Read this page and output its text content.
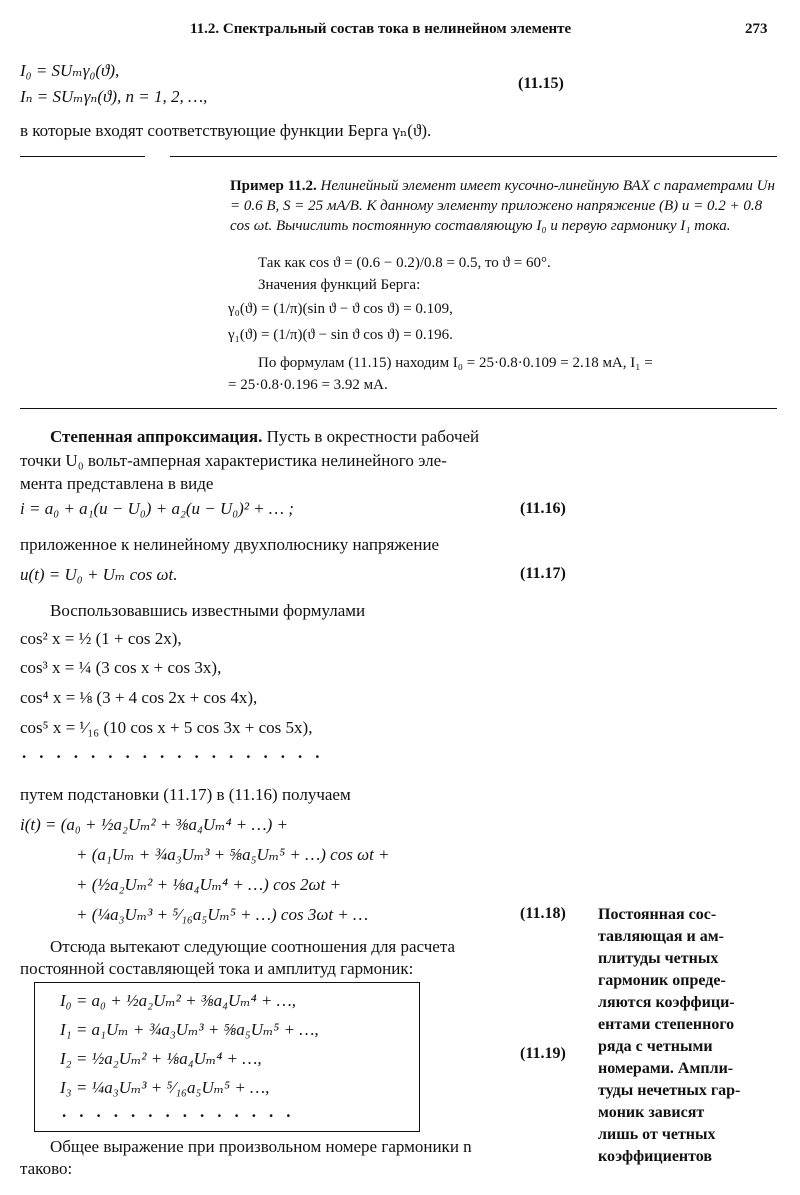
11.2. Спектральный состав тока в нелинейном элементе	273
I₀ = SUₘγ₀(ϑ),
Iₙ = SUₘγₙ(ϑ), n = 1, 2, …,
(11.15)
в которые входят соответствующие функции Берга γₙ(ϑ).
Пример 11.2. Нелинейный элемент имеет кусочно-линейную ВАХ с параметрами Uн = 0.6 В, S = 25 мА/В. К данному элементу приложено напряжение (В) u = 0.2 + 0.8 cos ωt. Вычислить постоянную составляющую I₀ и первую гармонику I₁ тока.
Так как cos ϑ = (0.6 − 0.2)/0.8 = 0.5, то ϑ = 60°.
Значения функций Берга:
γ₀(ϑ) = (1/π)(sin ϑ − ϑ cos ϑ) = 0.109,
γ₁(ϑ) = (1/π)(ϑ − sin ϑ cos ϑ) = 0.196.
По формулам (11.15) находим I₀ = 25·0.8·0.109 = 2.18 мА, I₁ =
= 25·0.8·0.196 = 3.92 мА.
Степенная аппроксимация. Пусть в окрестности рабочей
точки U₀ вольт-амперная характеристика нелинейного эле-
мента представлена в виде
i = a₀ + a₁(u − U₀) + a₂(u − U₀)² + … ;	(11.16)
приложенное к нелинейному двухполюснику напряжение
u(t) = U₀ + Uₘ cos ωt.	(11.17)
Воспользовавшись известными формулами
cos² x = ½ (1 + cos 2x),
cos³ x = ¼ (3 cos x + cos 3x),
cos⁴ x = ⅛ (3 + 4 cos 2x + cos 4x),
cos⁵ x = ¹⁄₁₆ (10 cos x + 5 cos 3x + cos 5x),
..................
путем подстановки (11.17) в (11.16) получаем
i(t) = (a₀ + ½a₂Uₘ² + ⅜a₄Uₘ⁴ + …) +
+ (a₁Uₘ + ¾a₃Uₘ³ + ⅝a₅Uₘ⁵ + …) cos ωt +
+ (½a₂Uₘ² + ⅛a₄Uₘ⁴ + …) cos 2ωt +
+ (¼a₃Uₘ³ + ⁵⁄₁₆a₅Uₘ⁵ + …) cos 3ωt + …	(11.18)
Отсюда вытекают следующие соотношения для расчета
постоянной составляющей тока и амплитуд гармоник:
I₀ = a₀ + ½a₂Uₘ² + ⅜a₄Uₘ⁴ + …,
I₁ = a₁Uₘ + ¾a₃Uₘ³ + ⅝a₅Uₘ⁵ + …,
I₂ = ½a₂Uₘ² + ⅛a₄Uₘ⁴ + …,
I₃ = ¼a₃Uₘ³ + ⁵⁄₁₆a₅Uₘ⁵ + …,
..............
(11.19)
Общее выражение при произвольном номере гармоники n
таково:
Постоянная сос-
тавляющая и ам-
плитуды четных
гармоник опреде-
ляются коэффици-
ентами степенного
ряда с четными
номерами. Ампли-
туды нечетных гар-
моник зависят
лишь от четных
коэффициентов
